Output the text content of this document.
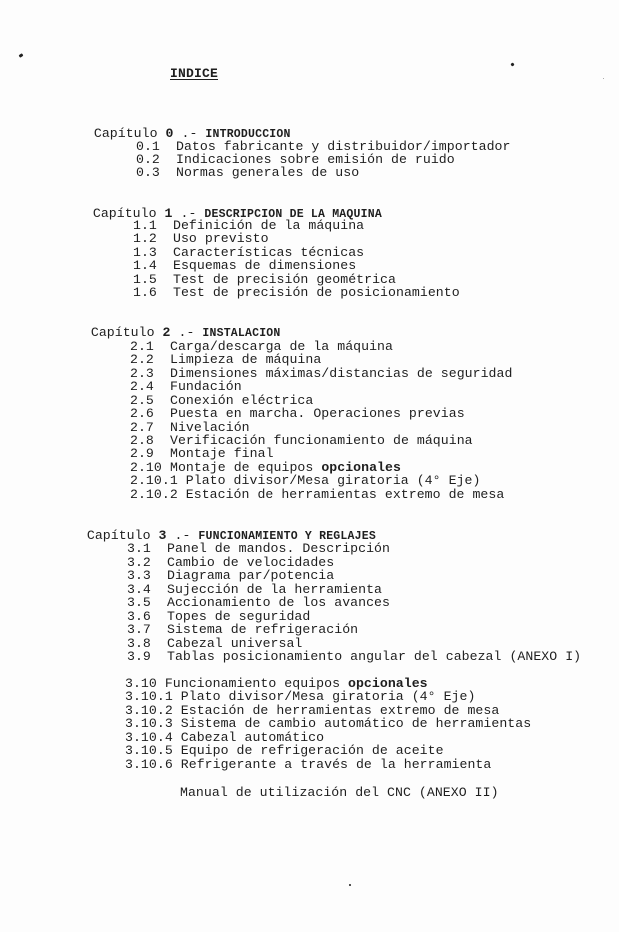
INDICE

Capítulo 0 .- INTRODUCCION

0.1 Datos fabricante y distribuidor/importador
0.2 Indicaciones sobre emisión de ruido
0.3 Normas generales de uso

Capítulo 1 .- DESCRIPCION DE LA MAQUINA

1.1 Definición de la máquina
1.2 Uso previsto
1.3 Características técnicas
1.4 Esquemas de dimensiones
1.5 Test de precisión geométrica
1.6 Test de precisión de posicionamiento

Capítulo 2 .- INSTALACION

2.1 Carga/descarga de la máquina
2.2 Limpieza de máquina
2.3 Dimensiones máximas/distancias de seguridad
2.4 Fundación
2.5 Conexión eléctrica
2.6 Puesta en marcha. Operaciones previas
2.7 Nivelación
2.8 Verificación funcionamiento de máquina
2.9 Montaje final
2.10 Montaje de equipos opcionales
2.10.1 Plato divisor/Mesa giratoria (4° Eje)
2.10.2 Estación de herramientas extremo de mesa

Capítulo 3 .- FUNCIONAMIENTO Y REGLAJES

3.1 Panel de mandos. Descripción
3.2 Cambio de velocidades
3.3 Diagrama par/potencia
3.4 Sujección de la herramienta
3.5 Accionamiento de los avances
3.6 Topes de seguridad
3.7 Sistema de refrigeración
3.8 Cabezal universal
3.9 Tablas posicionamiento angular del cabezal (ANEXO I)
3.10 Funcionamiento equipos opcionales
3.10.1 Plato divisor/Mesa giratoria (4° Eje)
3.10.2 Estación de herramientas extremo de mesa
3.10.3 Sistema de cambio automático de herramientas
3.10.4 Cabezal automático
3.10.5 Equipo de refrigeración de aceite
3.10.6 Refrigerante a través de la herramienta
Manual de utilización del CNC (ANEXO II)
